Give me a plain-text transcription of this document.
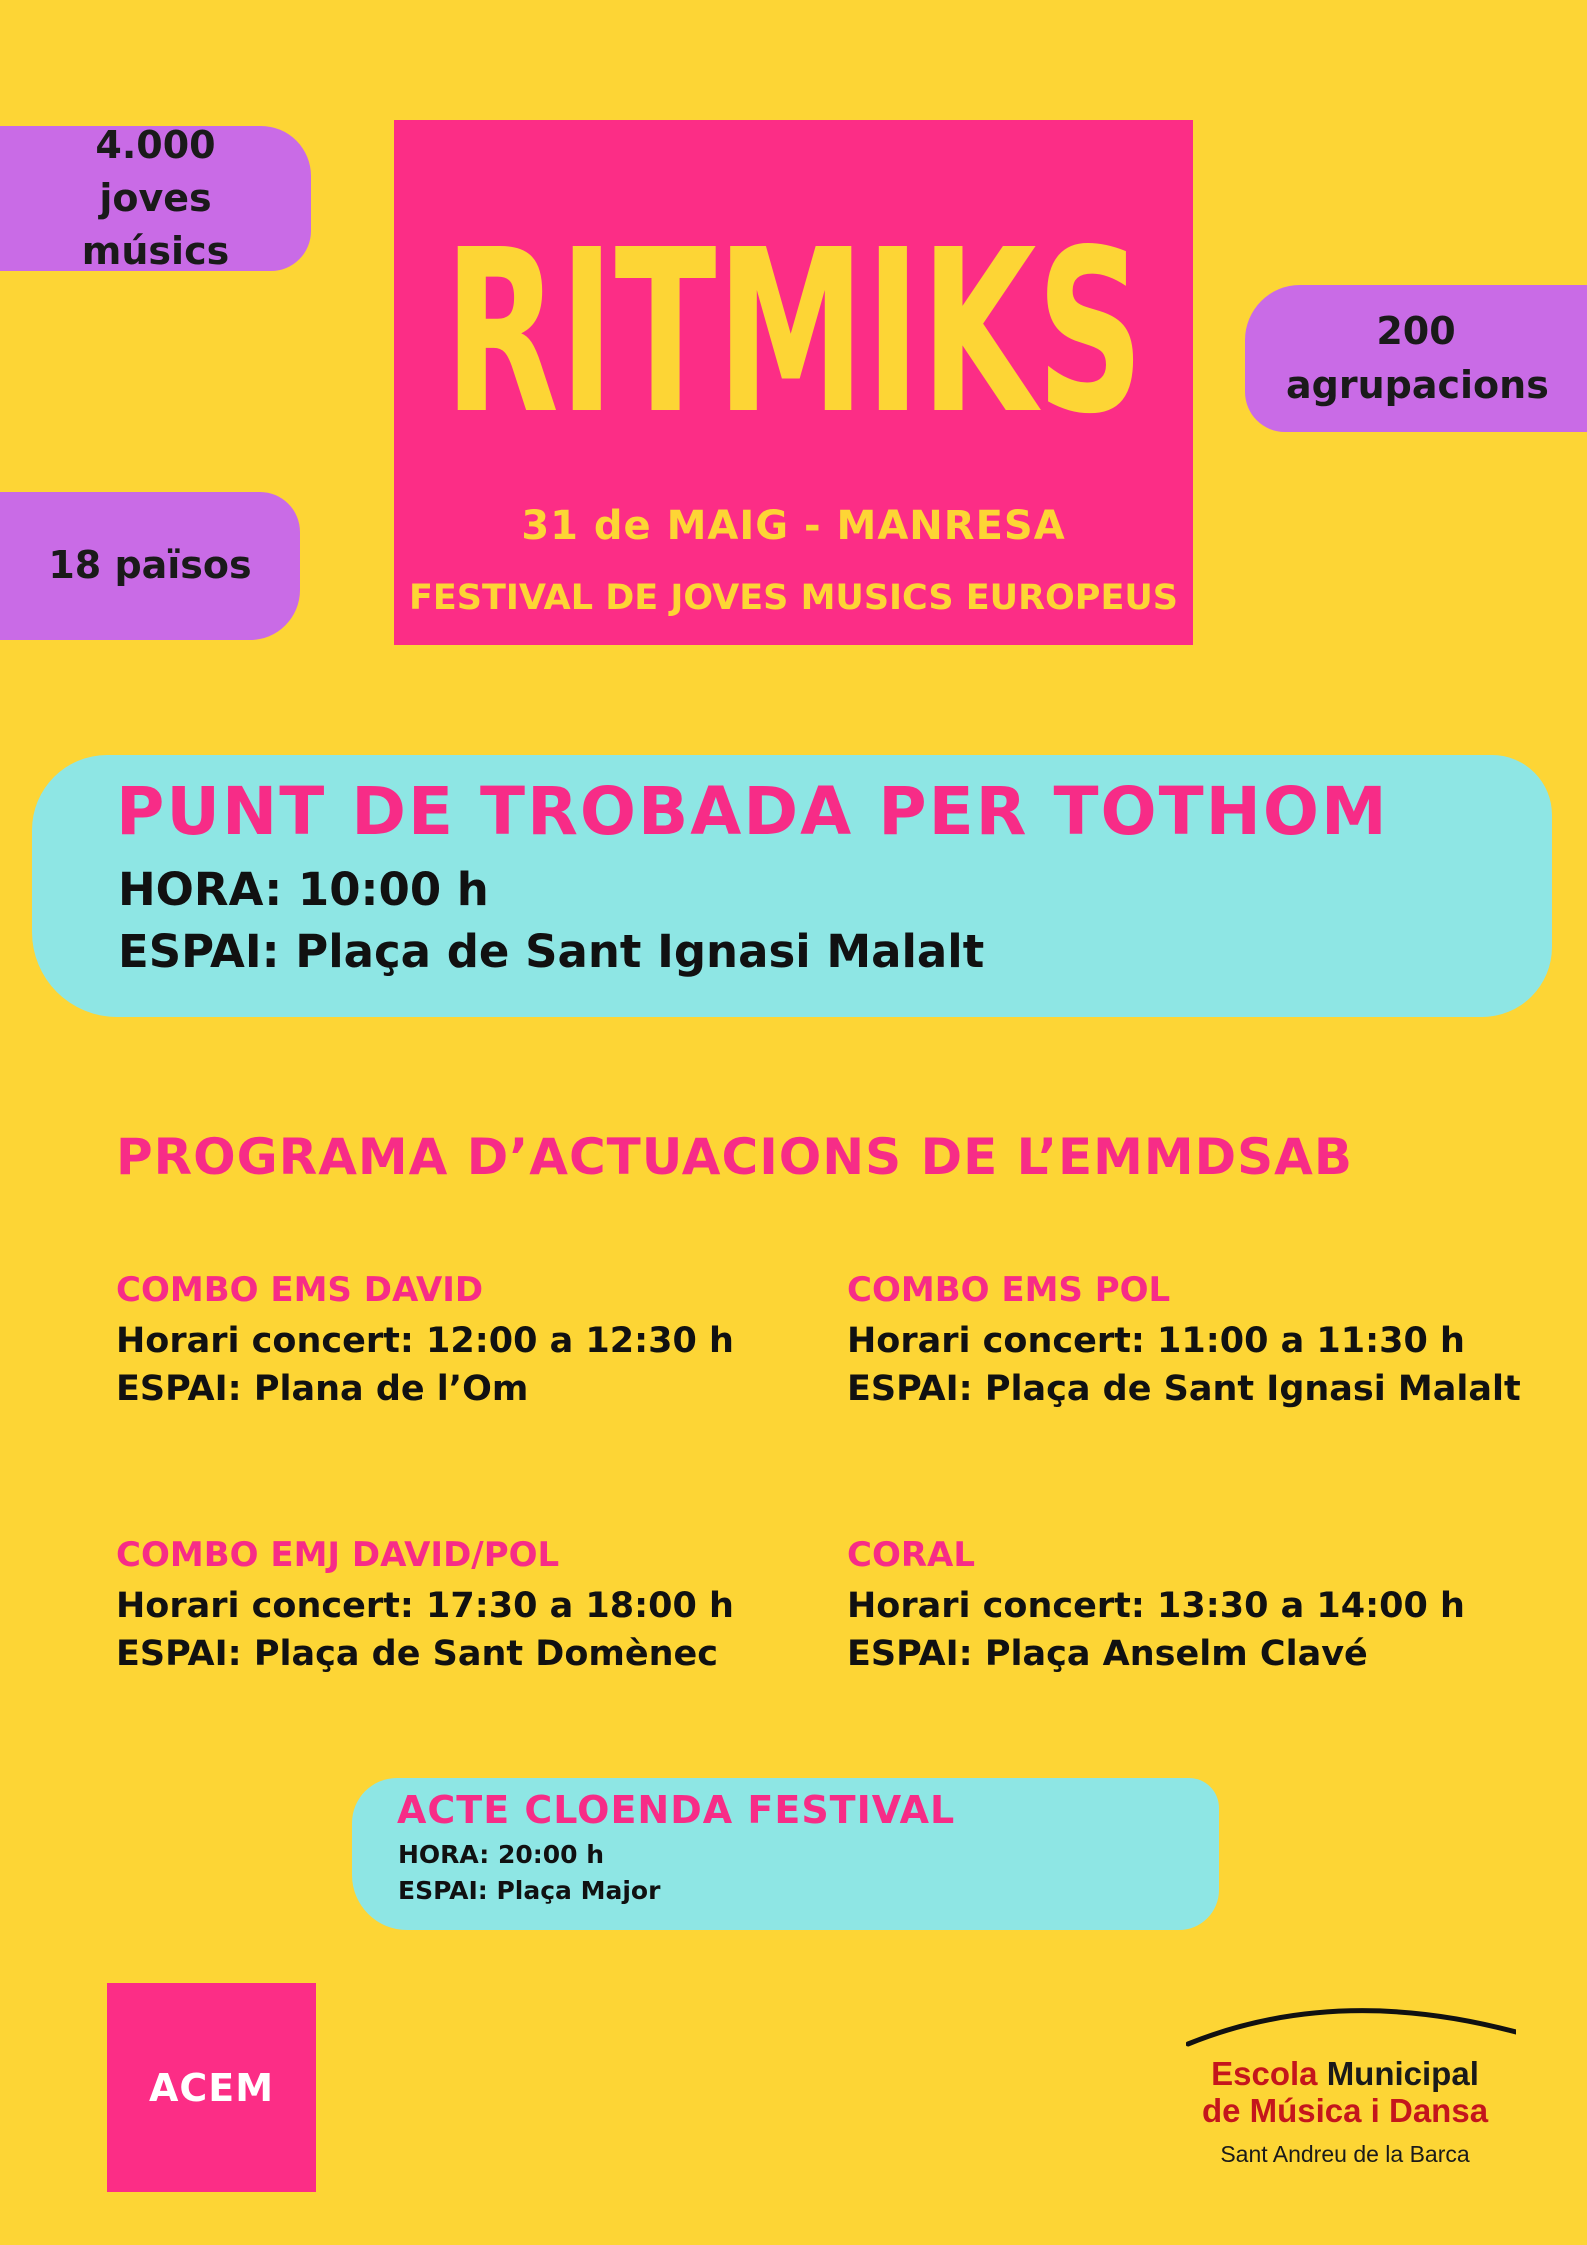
4.000 joves músics
200 agrupacions
18 països
RITMIKS
31 de MAIG - MANRESA
FESTIVAL DE JOVES MUSICS EUROPEUS
PUNT DE TROBADA PER TOTHOM
HORA: 10:00 h
ESPAI: Plaça de Sant Ignasi Malalt
PROGRAMA D’ACTUACIONS DE L’EMMDSAB
COMBO EMS DAVID
Horari concert: 12:00 a 12:30 h
ESPAI: Plana de l’Om
COMBO EMS POL
Horari concert: 11:00 a 11:30 h
ESPAI: Plaça de Sant Ignasi Malalt
COMBO EMJ DAVID/POL
Horari concert: 17:30 a 18:00 h
ESPAI: Plaça de Sant Domènec
CORAL
Horari concert: 13:30 a 14:00 h
ESPAI: Plaça Anselm Clavé
ACTE CLOENDA FESTIVAL
HORA: 20:00 h
ESPAI: Plaça Major
ACEM	Escola Municipal
de Música i Dansa
Sant Andreu de la Barca
